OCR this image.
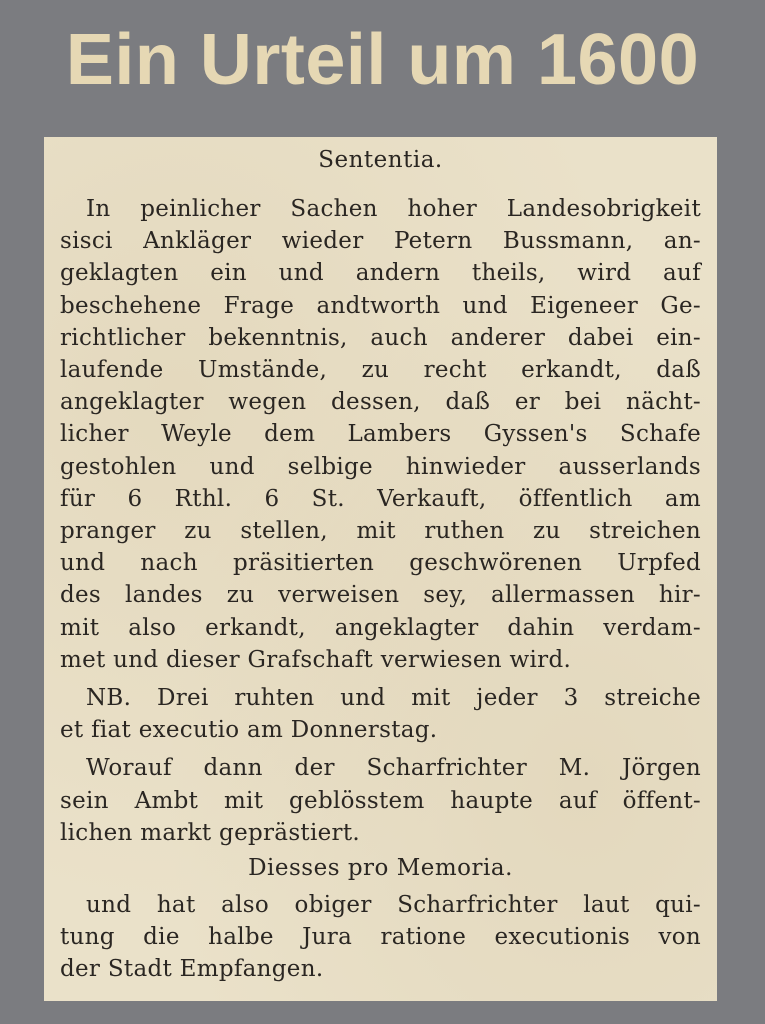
Ein Urteil um 1600
Sententia.
In peinlicher Sachen hoher Landesobrigkeit
sisci Ankläger wieder Petern Bussmann, an-
geklagten ein und andern theils, wird auf
beschehene Frage andtworth und Eigeneer Ge-
richtlicher bekenntnis, auch anderer dabei ein-
laufende Umstände, zu recht erkandt, daß
angeklagter wegen dessen, daß er bei nächt-
licher Weyle dem Lambers Gyssen's Schafe
gestohlen und selbige hinwieder ausserlands
für 6 Rthl. 6 St. Verkauft, öffentlich am
pranger zu stellen, mit ruthen zu streichen
und nach präsitierten geschwörenen Urpfed
des landes zu verweisen sey, allermassen hir-
mit also erkandt, angeklagter dahin verdam-
met und dieser Grafschaft verwiesen wird.
NB. Drei ruhten und mit jeder 3 streiche
et fiat executio am Donnerstag.
Worauf dann der Scharfrichter M. Jörgen
sein Ambt mit geblösstem haupte auf öffent-
lichen markt geprästiert.
Diesses pro Memoria.
und hat also obiger Scharfrichter laut qui-
tung die halbe Jura ratione executionis von
der Stadt Empfangen.
